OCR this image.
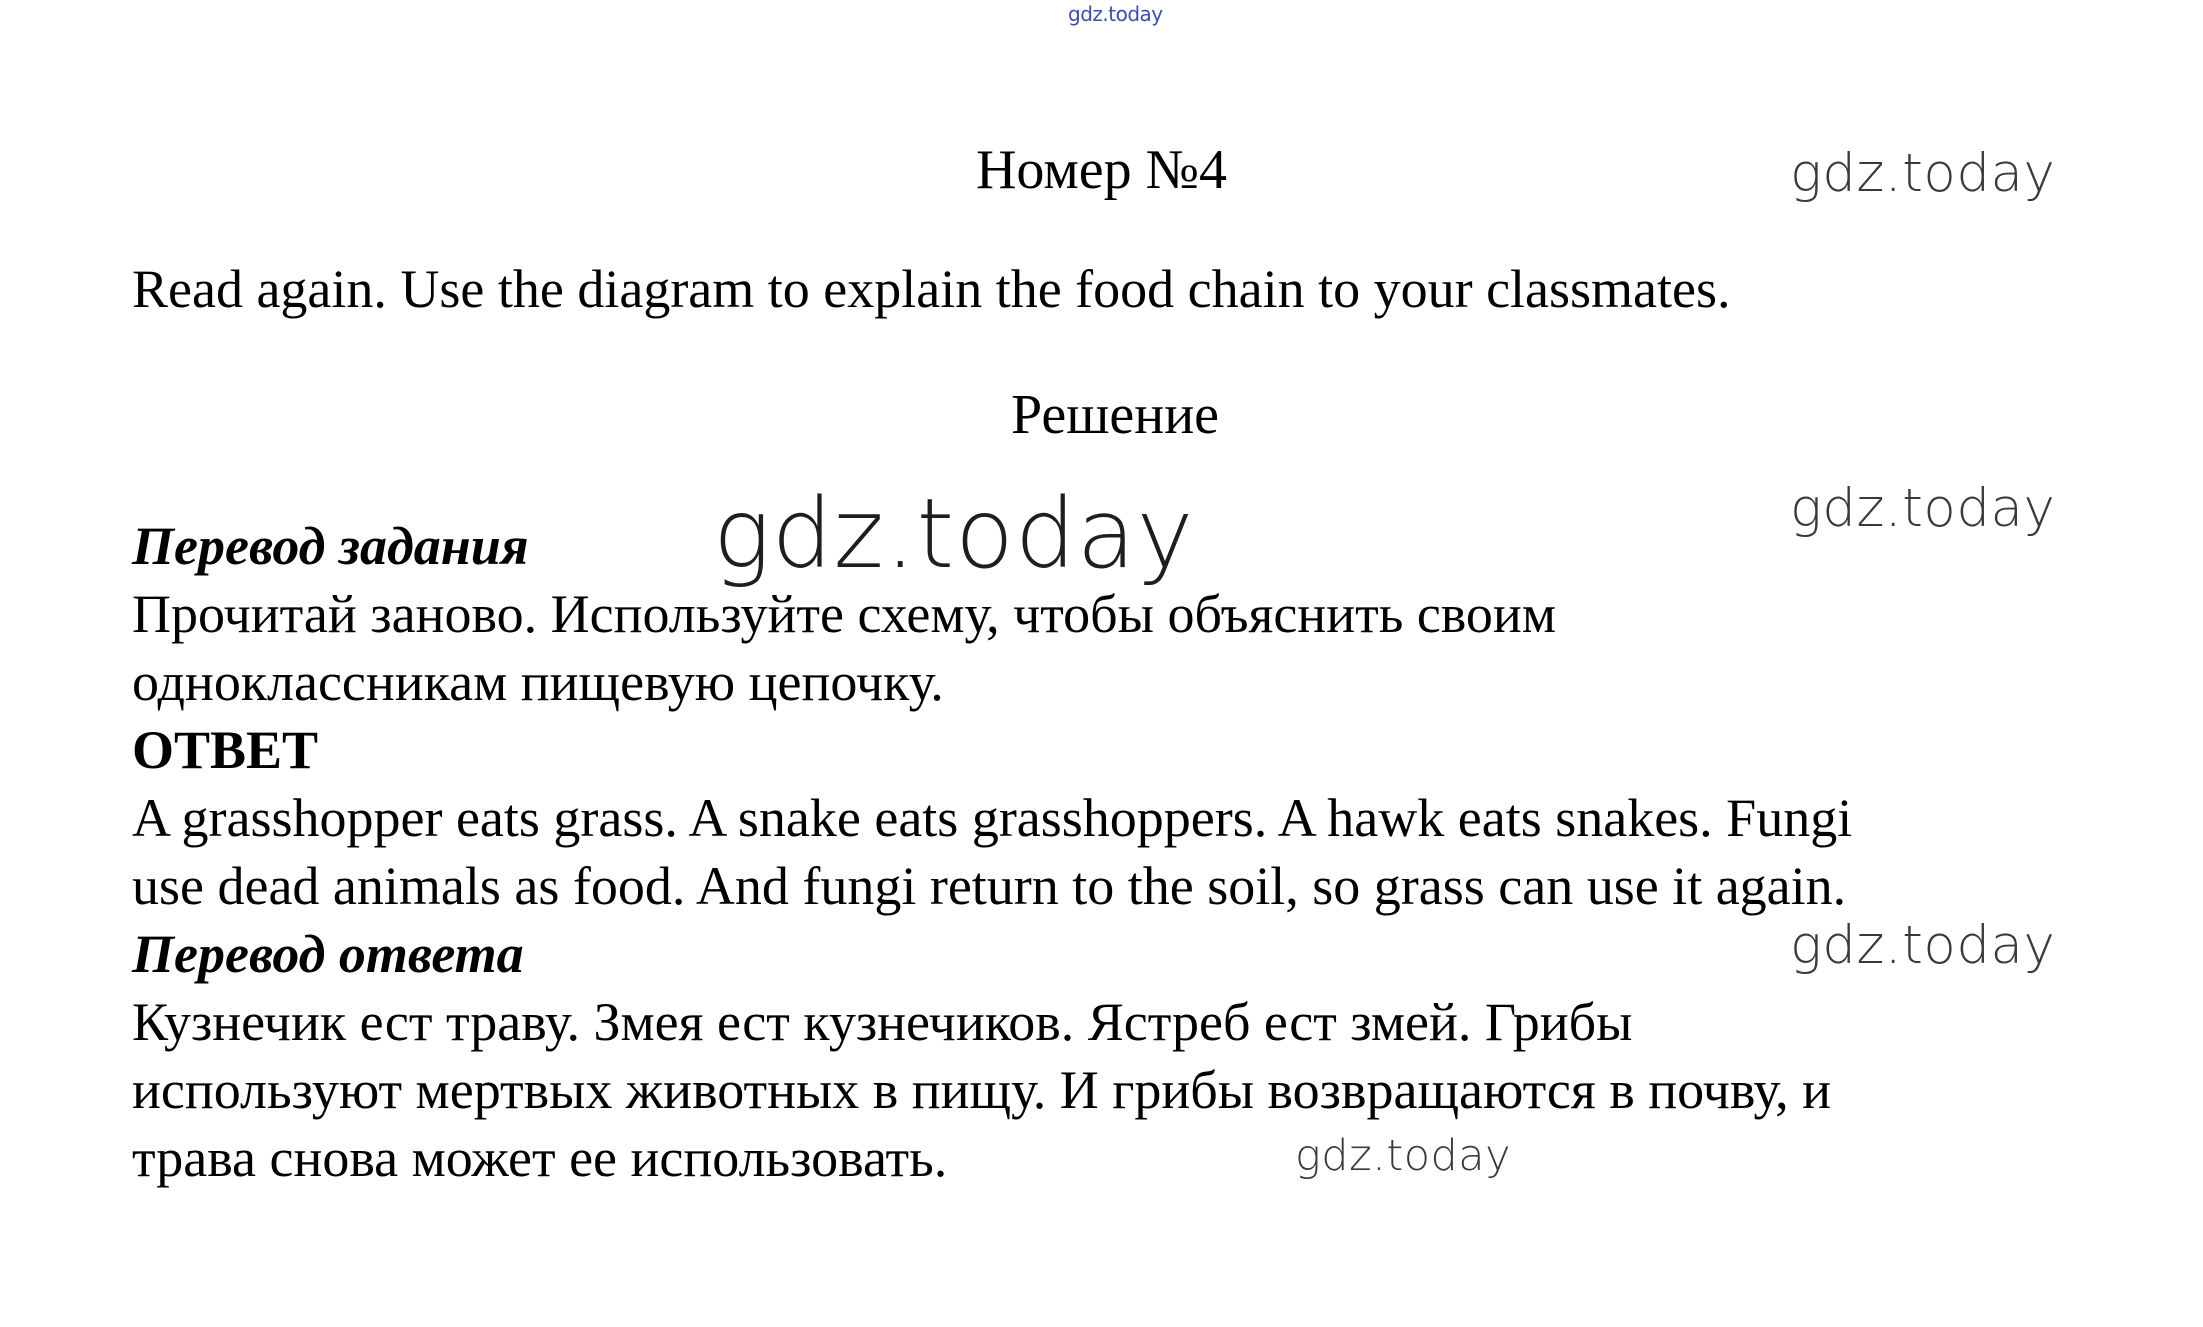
gdz.today
gdz.today
gdz.today
gdz.today
gdz.today
gdz.today
Номер №4
Read again. Use the diagram to explain the food chain to your classmates.
Решение
Перевод задания
Прочитай заново. Используйте схему, чтобы объяснить своим
одноклассникам пищевую цепочку.
ОТВЕТ
A grasshopper eats grass. A snake eats grasshoppers. A hawk eats snakes. Fungi
use dead animals as food. And fungi return to the soil, so grass can use it again.
Перевод ответа
Кузнечик ест траву. Змея ест кузнечиков. Ястреб ест змей. Грибы
используют мертвых животных в пищу. И грибы возвращаются в почву, и
трава снова может ее использовать.
